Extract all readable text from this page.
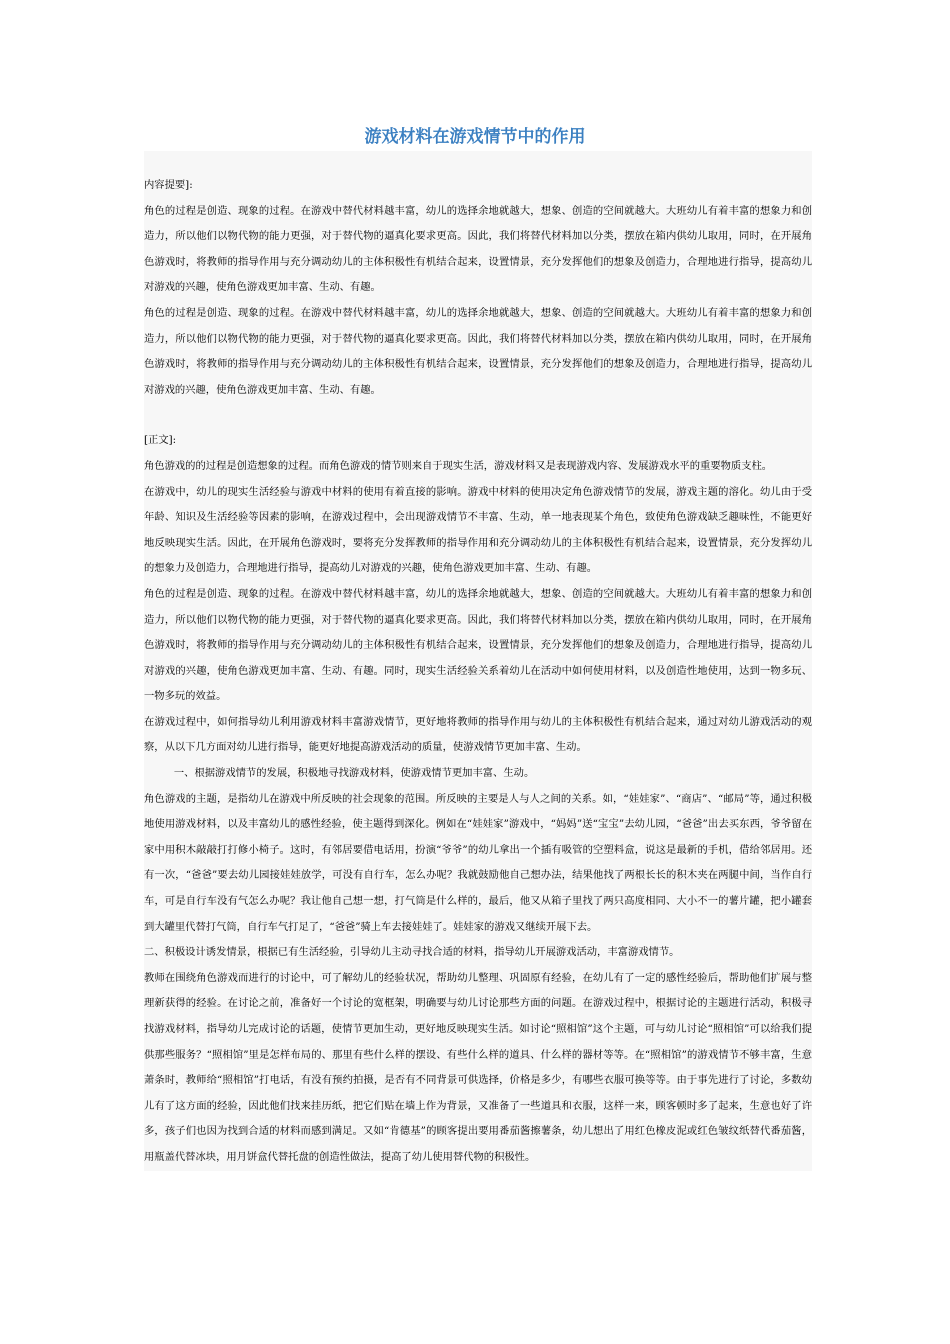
游戏材料在游戏情节中的作用

内容提要]:

角色的过程是创造、现象的过程。在游戏中替代材料越丰富，幼儿的选择余地就越大，想象、创造的空间就越大。大班幼儿有着丰富的想象力和创造力，所以他们以物代物的能力更强，对于替代物的逼真化要求更高。因此，我们将替代材料加以分类，摆放在箱内供幼儿取用，同时，在开展角色游戏时，将教师的指导作用与充分调动幼儿的主体积极性有机结合起来，设置情景，充分发挥他们的想象及创造力，合理地进行指导，提高幼儿对游戏的兴趣，使角色游戏更加丰富、生动、有趣。

角色的过程是创造、现象的过程。在游戏中替代材料越丰富，幼儿的选择余地就越大，想象、创造的空间就越大。大班幼儿有着丰富的想象力和创造力，所以他们以物代物的能力更强，对于替代物的逼真化要求更高。因此，我们将替代材料加以分类，摆放在箱内供幼儿取用，同时，在开展角色游戏时，将教师的指导作用与充分调动幼儿的主体积极性有机结合起来，设置情景，充分发挥他们的想象及创造力，合理地进行指导，提高幼儿对游戏的兴趣，使角色游戏更加丰富、生动、有趣。

[正文]:

角色游戏的的过程是创造想象的过程。而角色游戏的情节则来自于现实生活，游戏材料又是表现游戏内容、发展游戏水平的重要物质支柱。

在游戏中，幼儿的现实生活经验与游戏中材料的使用有着直接的影响。游戏中材料的使用决定角色游戏情节的发展，游戏主题的溶化。幼儿由于受年龄、知识及生活经验等因素的影响，在游戏过程中，会出现游戏情节不丰富、生动，单一地表现某个角色，致使角色游戏缺乏趣味性，不能更好地反映现实生活。因此，在开展角色游戏时，要将充分发挥教师的指导作用和充分调动幼儿的主体积极性有机结合起来，设置情景，充分发挥幼儿的想象力及创造力，合理地进行指导，提高幼儿对游戏的兴趣，使角色游戏更加丰富、生动、有趣。

角色的过程是创造、现象的过程。在游戏中替代材料越丰富，幼儿的选择余地就越大，想象、创造的空间就越大。大班幼儿有着丰富的想象力和创造力，所以他们以物代物的能力更强，对于替代物的逼真化要求更高。因此，我们将替代材料加以分类，摆放在箱内供幼儿取用，同时，在开展角色游戏时，将教师的指导作用与充分调动幼儿的主体积极性有机结合起来，设置情景，充分发挥他们的想象及创造力，合理地进行指导，提高幼儿对游戏的兴趣，使角色游戏更加丰富、生动、有趣。同时，现实生活经验关系着幼儿在活动中如何使用材料，以及创造性地使用，达到一物多玩、一物多玩的效益。

在游戏过程中，如何指导幼儿利用游戏材料丰富游戏情节，更好地将教师的指导作用与幼儿的主体积极性有机结合起来，通过对幼儿游戏活动的观察，从以下几方面对幼儿进行指导，能更好地提高游戏活动的质量，使游戏情节更加丰富、生动。

一、根据游戏情节的发展，积极地寻找游戏材料，使游戏情节更加丰富、生动。

角色游戏的主题，是指幼儿在游戏中所反映的社会现象的范围。所反映的主要是人与人之间的关系。如，“娃娃家”、“商店”、“邮局”等，通过积极地使用游戏材料，以及丰富幼儿的感性经验，使主题得到深化。例如在“娃娃家”游戏中，“妈妈”送“宝宝”去幼儿园，“爸爸”出去买东西，爷爷留在家中用积木敲敲打打修小椅子。这时，有邻居要借电话用，扮演“爷爷”的幼儿拿出一个插有吸管的空塑料盒，说这是最新的手机，借给邻居用。还有一次，“爸爸”要去幼儿园接娃娃放学，可没有自行车，怎么办呢？我就鼓励他自己想办法，结果他找了两根长长的积木夹在两腿中间，当作自行车，可是自行车没有气怎么办呢？我让他自己想一想，打气筒是什么样的，最后，他又从箱子里找了两只高度相同、大小不一的薯片罐，把小罐套到大罐里代替打气筒，自行车气打足了，“爸爸”骑上车去接娃娃了。娃娃家的游戏又继续开展下去。

二、积极设计诱发情景，根据已有生活经验，引导幼儿主动寻找合适的材料，指导幼儿开展游戏活动，丰富游戏情节。

教师在围绕角色游戏而进行的讨论中，可了解幼儿的经验状况，帮助幼儿整理、巩固原有经验，在幼儿有了一定的感性经验后，帮助他们扩展与整理新获得的经验。在讨论之前，准备好一个讨论的宽框架，明确要与幼儿讨论那些方面的问题。在游戏过程中，根据讨论的主题进行活动，积极寻找游戏材料，指导幼儿完成讨论的话题，使情节更加生动，更好地反映现实生活。如讨论“照相馆”这个主题，可与幼儿讨论“照相馆”可以给我们提供那些服务？“照相馆”里是怎样布局的、那里有些什么样的摆设、有些什么样的道具、什么样的器材等等。在“照相馆”的游戏情节不够丰富，生意萧条时，教师给“照相馆”打电话，有没有预约拍摄，是否有不同背景可供选择，价格是多少，有哪些衣服可换等等。由于事先进行了讨论，多数幼儿有了这方面的经验，因此他们找来挂历纸，把它们贴在墙上作为背景，又准备了一些道具和衣服，这样一来，顾客顿时多了起来，生意也好了许多，孩子们也因为找到合适的材料而感到满足。又如“肯德基”的顾客提出要用番茄酱擦薯条，幼儿想出了用红色橡皮泥或红色皱纹纸替代番茄酱，用瓶盖代替冰块，用月饼盒代替托盘的创造性做法，提高了幼儿使用替代物的积极性。
